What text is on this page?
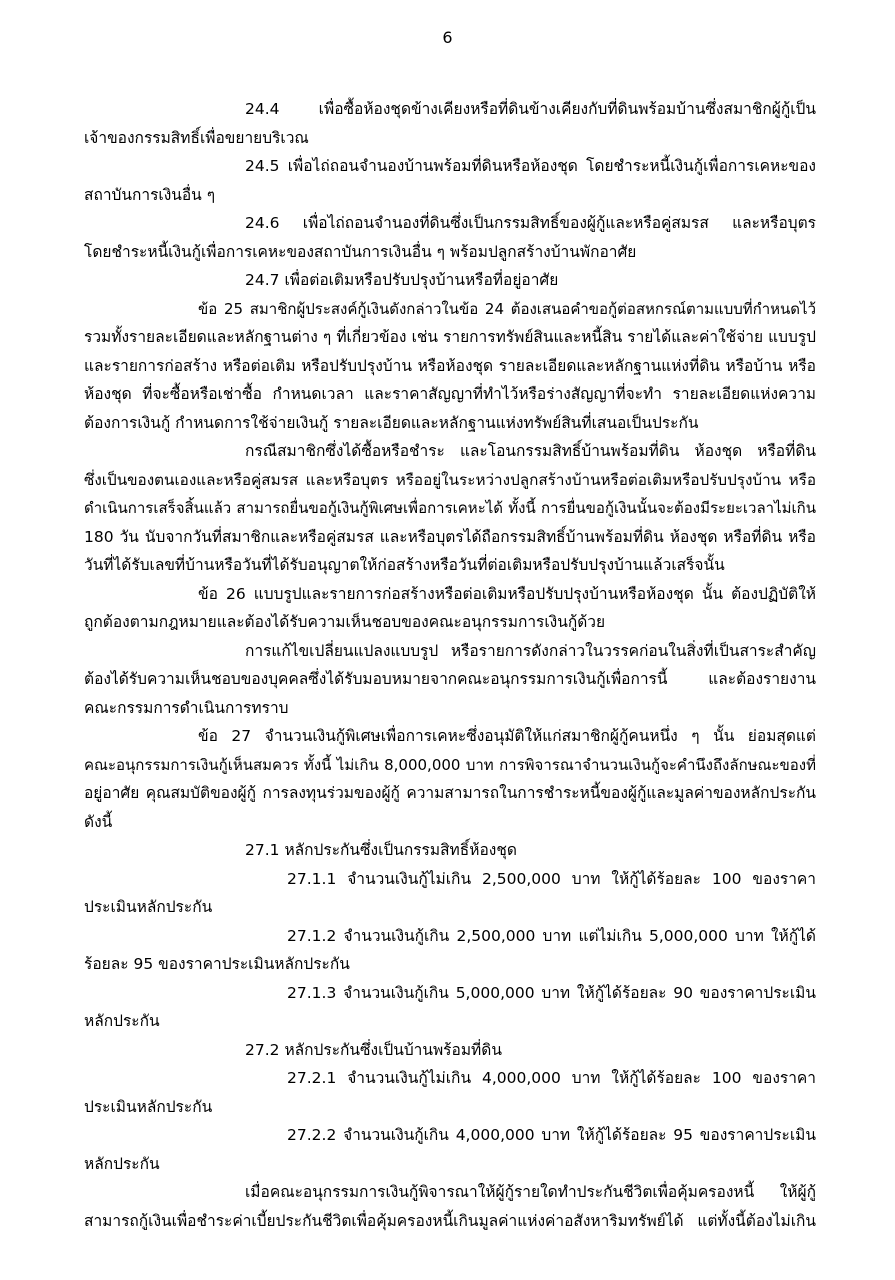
6
24.4 เพื่อซื้อห้องชุดข้างเคียงหรือที่ดินข้างเคียงกับที่ดินพร้อมบ้านซึ่งสมาชิกผู้กู้เป็น
เจ้าของกรรมสิทธิ์เพื่อขยายบริเวณ
24.5 เพื่อไถ่ถอนจำนองบ้านพร้อมที่ดินหรือห้องชุด โดยชำระหนี้เงินกู้เพื่อการเคหะของ
สถาบันการเงินอื่น ๆ
24.6 เพื่อไถ่ถอนจำนองที่ดินซึ่งเป็นกรรมสิทธิ์ของผู้กู้และหรือคู่สมรส และหรือบุตร
โดยชำระหนี้เงินกู้เพื่อการเคหะของสถาบันการเงินอื่น ๆ พร้อมปลูกสร้างบ้านพักอาศัย
24.7 เพื่อต่อเติมหรือปรับปรุงบ้านหรือที่อยู่อาศัย
ข้อ 25 สมาชิกผู้ประสงค์กู้เงินดังกล่าวในข้อ 24 ต้องเสนอคำขอกู้ต่อสหกรณ์ตามแบบที่กำหนดไว้
รวมทั้งรายละเอียดและหลักฐานต่าง ๆ ที่เกี่ยวข้อง เช่น รายการทรัพย์สินและหนี้สิน รายได้และค่าใช้จ่าย แบบรูป
และรายการก่อสร้าง หรือต่อเติม หรือปรับปรุงบ้าน หรือห้องชุด รายละเอียดและหลักฐานแห่งที่ดิน หรือบ้าน หรือ
ห้องชุด ที่จะซื้อหรือเช่าซื้อ กำหนดเวลา และราคาสัญญาที่ทำไว้หรือร่างสัญญาที่จะทำ รายละเอียดแห่งความ
ต้องการเงินกู้ กำหนดการใช้จ่ายเงินกู้ รายละเอียดและหลักฐานแห่งทรัพย์สินที่เสนอเป็นประกัน
กรณีสมาชิกซึ่งได้ซื้อหรือชำระ และโอนกรรมสิทธิ์บ้านพร้อมที่ดิน ห้องชุด หรือที่ดิน
ซึ่งเป็นของตนเองและหรือคู่สมรส และหรือบุตร หรืออยู่ในระหว่างปลูกสร้างบ้านหรือต่อเติมหรือปรับปรุงบ้าน หรือ
ดำเนินการเสร็จสิ้นแล้ว สามารถยื่นขอกู้เงินกู้พิเศษเพื่อการเคหะได้ ทั้งนี้ การยื่นขอกู้เงินนั้นจะต้องมีระยะเวลาไม่เกิน
180 วัน นับจากวันที่สมาชิกและหรือคู่สมรส และหรือบุตรได้ถือกรรมสิทธิ์บ้านพร้อมที่ดิน ห้องชุด หรือที่ดิน หรือ
วันที่ได้รับเลขที่บ้านหรือวันที่ได้รับอนุญาตให้ก่อสร้างหรือวันที่ต่อเติมหรือปรับปรุงบ้านแล้วเสร็จนั้น
ข้อ 26 แบบรูปและรายการก่อสร้างหรือต่อเติมหรือปรับปรุงบ้านหรือห้องชุด นั้น ต้องปฏิบัติให้
ถูกต้องตามกฎหมายและต้องได้รับความเห็นชอบของคณะอนุกรรมการเงินกู้ด้วย
การแก้ไขเปลี่ยนแปลงแบบรูป หรือรายการดังกล่าวในวรรคก่อนในสิ่งที่เป็นสาระสำคัญ
ต้องได้รับความเห็นชอบของบุคคลซึ่งได้รับมอบหมายจากคณะอนุกรรมการเงินกู้เพื่อการนี้ และต้องรายงาน
คณะกรรมการดำเนินการทราบ
ข้อ 27 จำนวนเงินกู้พิเศษเพื่อการเคหะซึ่งอนุมัติให้แก่สมาชิกผู้กู้คนหนึ่ง ๆ นั้น ย่อมสุดแต่
คณะอนุกรรมการเงินกู้เห็นสมควร ทั้งนี้ ไม่เกิน 8,000,000 บาท การพิจารณาจำนวนเงินกู้จะคำนึงถึงลักษณะของที่
อยู่อาศัย คุณสมบัติของผู้กู้ การลงทุนร่วมของผู้กู้ ความสามารถในการชำระหนี้ของผู้กู้และมูลค่าของหลักประกัน
ดังนี้
27.1 หลักประกันซึ่งเป็นกรรมสิทธิ์ห้องชุด
27.1.1 จำนวนเงินกู้ไม่เกิน 2,500,000 บาท ให้กู้ได้ร้อยละ 100 ของราคา
ประเมินหลักประกัน
27.1.2 จำนวนเงินกู้เกิน 2,500,000 บาท แต่ไม่เกิน 5,000,000 บาท ให้กู้ได้
ร้อยละ 95 ของราคาประเมินหลักประกัน
27.1.3 จำนวนเงินกู้เกิน 5,000,000 บาท ให้กู้ได้ร้อยละ 90 ของราคาประเมิน
หลักประกัน
27.2 หลักประกันซึ่งเป็นบ้านพร้อมที่ดิน
27.2.1 จำนวนเงินกู้ไม่เกิน 4,000,000 บาท ให้กู้ได้ร้อยละ 100 ของราคา
ประเมินหลักประกัน
27.2.2 จำนวนเงินกู้เกิน 4,000,000 บาท ให้กู้ได้ร้อยละ 95 ของราคาประเมิน
หลักประกัน
เมื่อคณะอนุกรรมการเงินกู้พิจารณาให้ผู้กู้รายใดทำประกันชีวิตเพื่อคุ้มครองหนี้ ให้ผู้กู้
สามารถกู้เงินเพื่อชำระค่าเบี้ยประกันชีวิตเพื่อคุ้มครองหนี้เกินมูลค่าแห่งค่าอสังหาริมทรัพย์ได้ แต่ทั้งนี้ต้องไม่เกิน
